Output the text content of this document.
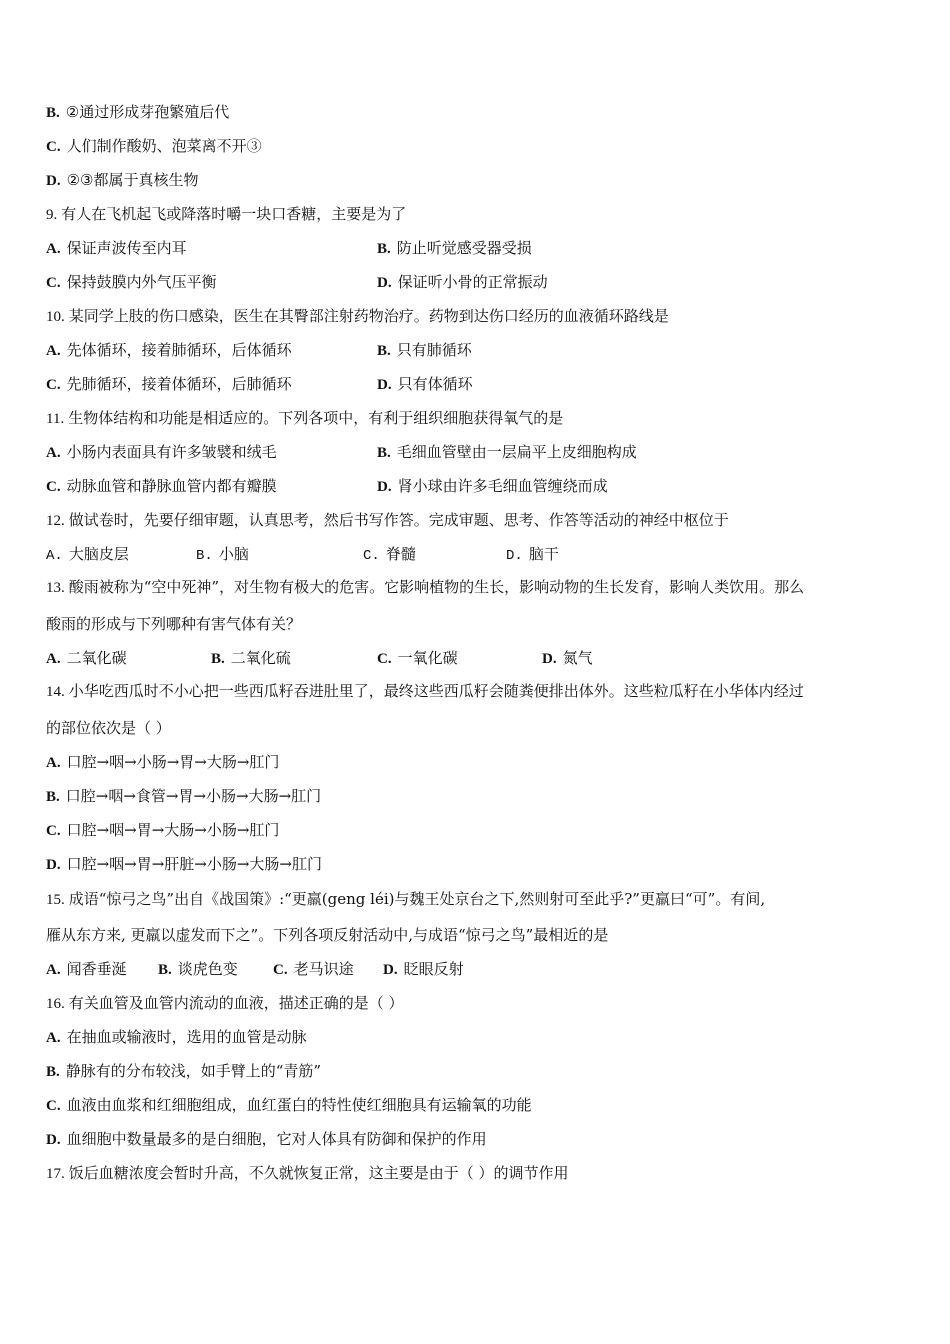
B. ②通过形成芽孢繁殖后代
C. 人们制作酸奶、泡菜离不开③
D. ②③都属于真核生物
9. 有人在飞机起飞或降落时嚼一块口香糖，主要是为了
A. 保证声波传至内耳	B. 防止听觉感受器受损
C. 保持鼓膜内外气压平衡	D. 保证听小骨的正常振动
10. 某同学上肢的伤口感染，医生在其臀部注射药物治疗。药物到达伤口经历的血液循环路线是
A. 先体循环，接着肺循环，后体循环	B. 只有肺循环
C. 先肺循环，接着体循环，后肺循环	D. 只有体循环
11. 生物体结构和功能是相适应的。下列各项中，有利于组织细胞获得氧气的是
A. 小肠内表面具有许多皱襞和绒毛	B. 毛细血管壁由一层扁平上皮细胞构成
C. 动脉血管和静脉血管内都有瓣膜	D. 肾小球由许多毛细血管缠绕而成
12. 做试卷时，先要仔细审题，认真思考，然后书写作答。完成审题、思考、作答等活动的神经中枢位于
A. 大脑皮层	B. 小脑	C. 脊髓	D. 脑干
13. 酸雨被称为“空中死神”，对生物有极大的危害。它影响植物的生长，影响动物的生长发育，影响人类饮用。那么
酸雨的形成与下列哪种有害气体有关？
A. 二氧化碳	B. 二氧化硫	C. 一氧化碳	D. 氮气
14. 小华吃西瓜时不小心把一些西瓜籽吞进肚里了，最终这些西瓜籽会随粪便排出体外。这些粒瓜籽在小华体内经过
的部位依次是（ ）
A. 口腔→咽→小肠→胃→大肠→肛门
B. 口腔→咽→食管→胃→小肠→大肠→肛门
C. 口腔→咽→胃→大肠→小肠→肛门
D. 口腔→咽→胃→肝脏→小肠→大肠→肛门
15. 成语“惊弓之鸟”出自《战国策》:“更羸(geng léi)与魏王处京台之下,然则射可至此乎?”更羸曰“可”。有间,
雁从东方来, 更羸以虚发而下之”。下列各项反射活动中,与成语“惊弓之鸟”最相近的是
A. 闻香垂涎 B. 谈虎色变 C. 老马识途 D. 眨眼反射
16. 有关血管及血管内流动的血液，描述正确的是（ ）
A. 在抽血或输液时，选用的血管是动脉
B. 静脉有的分布较浅，如手臂上的“青筋”
C. 血液由血浆和红细胞组成，血红蛋白的特性使红细胞具有运输氧的功能
D. 血细胞中数量最多的是白细胞，它对人体具有防御和保护的作用
17. 饭后血糖浓度会暂时升高，不久就恢复正常，这主要是由于（ ）的调节作用
